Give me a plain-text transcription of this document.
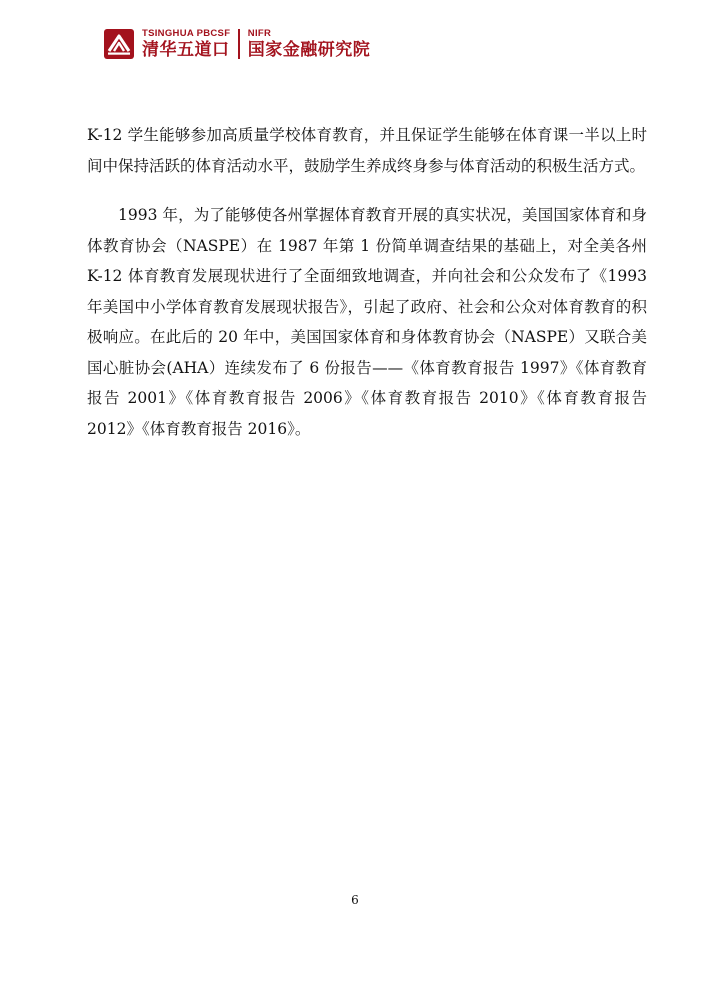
TSINGHUA PBCSF
清华五道口
NIFR
国家金融研究院

K-12 学生能够参加高质量学校体育教育，并且保证学生能够在体育课一半以上时间中保持活跃的体育活动水平，鼓励学生养成终身参与体育活动的积极生活方式。

1993 年，为了能够使各州掌握体育教育开展的真实状况，美国国家体育和身体教育协会（NASPE）在 1987 年第 1 份简单调查结果的基础上，对全美各州 K-12 体育教育发展现状进行了全面细致地调查，并向社会和公众发布了《1993 年美国中小学体育教育发展现状报告》，引起了政府、社会和公众对体育教育的积极响应。在此后的 20 年中，美国国家体育和身体教育协会（NASPE）又联合美国心脏协会(AHA）连续发布了 6 份报告——《体育教育报告 1997》《体育教育报告 2001》《体育教育报告 2006》《体育教育报告 2010》《体育教育报告 2012》《体育教育报告 2016》。

6
